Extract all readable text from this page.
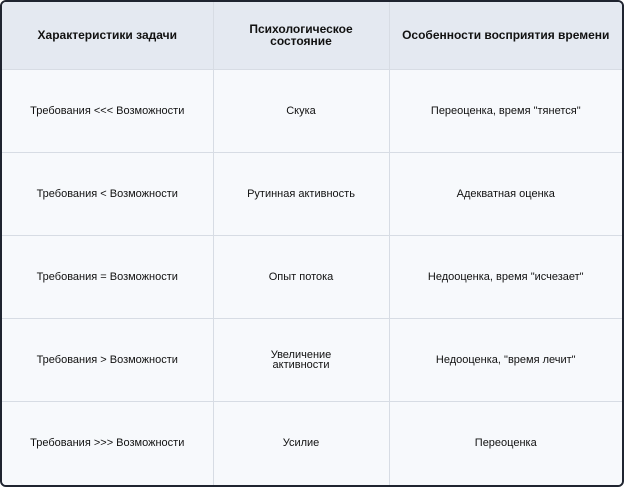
Характеристики задачи	Психологическое состояние	Особенности восприятия времени
Требования <<< Возможности	Скука	Переоценка, время "тянется"
Требования < Возможности	Рутинная активность	Адекватная оценка
Требования = Возможности	Опыт потока	Недооценка, время "исчезает"
Требования > Возможности	Увеличение активности	Недооценка, "время лечит"
Требования >>> Возможности	Усилие	Переоценка
